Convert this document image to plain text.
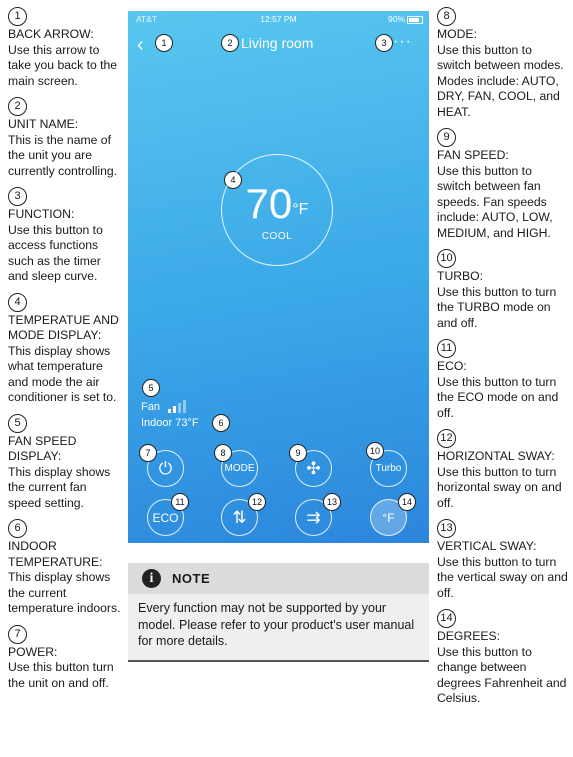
1
BACK ARROW:
Use this arrow to take you back to the main screen.
2
UNIT NAME:
This is the name of the unit you are currently controlling.
3
FUNCTION:
Use this button to access functions such as the timer and sleep curve.
4
TEMPERATUE AND MODE DISPLAY:
This display shows what temperature and mode the air conditioner is set to.
5
FAN SPEED DISPLAY:
This display shows the current fan speed setting.
6
INDOOR TEMPERATURE:
This display shows the current temperature indoors.
7
POWER:
Use this button turn the unit on and off.
8
MODE:
Use this button to switch between modes. Modes include: AUTO, DRY, FAN, COOL, and HEAT.
9
FAN SPEED:
Use this button to switch between fan speeds. Fan speeds include: AUTO, LOW, MEDIUM, and HIGH.
10
TURBO:
Use this button to turn the TURBO mode on and off.
11
ECO:
Use this button to turn the ECO mode on and off.
12
HORIZONTAL SWAY:
Use this button to turn horizontal sway on and off.
13
VERTICAL SWAY:
Use this button to turn the vertical sway on and off.
14
DEGREES:
Use this button to change between degrees Fahrenheit and Celsius.
AT&T	12:57 PM	90%
‹	1	2 Living room	3 ···
4 $70^{^\circ F}$
COOL
5
Fan
6
Indoor 73°F
⏻
7
MODE
8
✣
9
Turbo
10
ECO
11
⇅
12
⇉
13
°F
14
i	NOTE
Every function may not be supported by your model. Please refer to your product's user manual for more details.
